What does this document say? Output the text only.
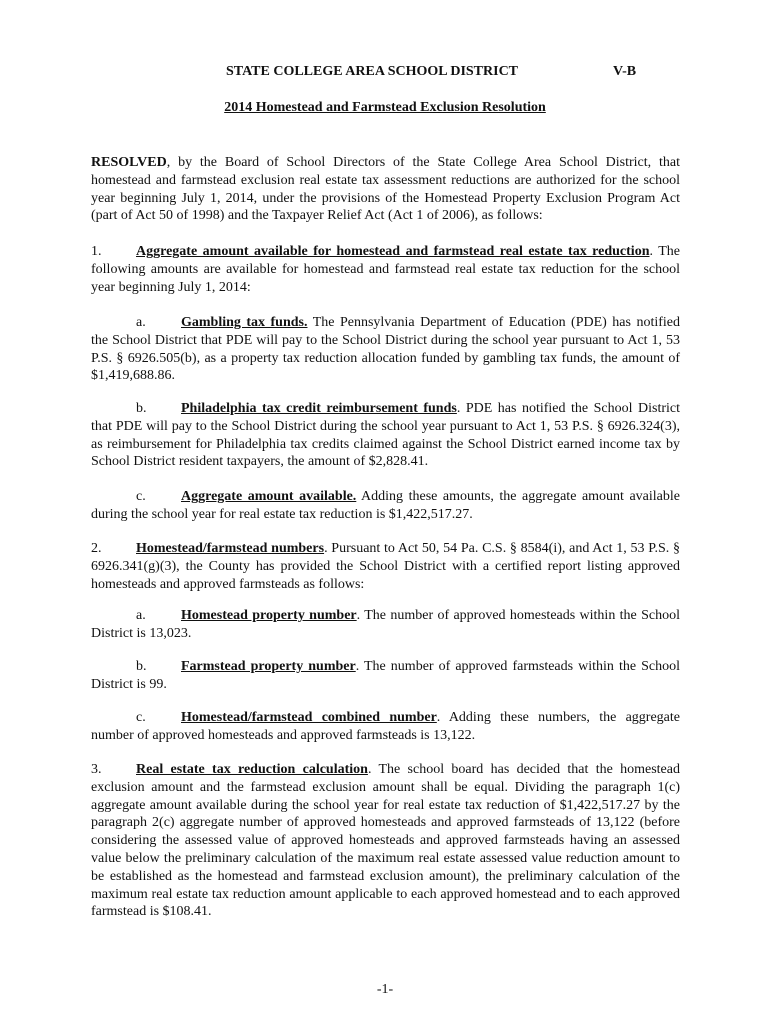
STATE COLLEGE AREA SCHOOL DISTRICT	V-B
2014 Homestead and Farmstead Exclusion Resolution

RESOLVED, by the Board of School Directors of the State College Area School District, that homestead and farmstead exclusion real estate tax assessment reductions are authorized for the school year beginning July 1, 2014, under the provisions of the Homestead Property Exclusion Program Act (part of Act 50 of 1998) and the Taxpayer Relief Act (Act 1 of 2006), as follows:

1. Aggregate amount available for homestead and farmstead real estate tax reduction. The following amounts are available for homestead and farmstead real estate tax reduction for the school year beginning July 1, 2014:

a.	Gambling tax funds. The Pennsylvania Department of Education (PDE) has notified the School District that PDE will pay to the School District during the school year pursuant to Act 1, 53 P.S. § 6926.505(b), as a property tax reduction allocation funded by gambling tax funds, the amount of $1,419,688.86.

b. Philadelphia tax credit reimbursement funds. PDE has notified the School District that PDE will pay to the School District during the school year pursuant to Act 1, 53 P.S. § 6926.324(3), as reimbursement for Philadelphia tax credits claimed against the School District earned income tax by School District resident taxpayers, the amount of $2,828.41.

c.	Aggregate amount available. Adding these amounts, the aggregate amount available during the school year for real estate tax reduction is $1,422,517.27.

2. Homestead/farmstead numbers. Pursuant to Act 50, 54 Pa. C.S. § 8584(i), and Act 1, 53 P.S. § 6926.341(g)(3), the County has provided the School District with a certified report listing approved homesteads and approved farmsteads as follows:

a.	Homestead property number. The number of approved homesteads within the School District is 13,023.

b. Farmstead property number. The number of approved farmsteads within the School District is 99.

c.	Homestead/farmstead combined number. Adding these numbers, the aggregate number of approved homesteads and approved farmsteads is 13,122.

3. Real estate tax reduction calculation. The school board has decided that the homestead exclusion amount and the farmstead exclusion amount shall be equal. Dividing the paragraph 1(c) aggregate amount available during the school year for real estate tax reduction of $1,422,517.27 by the paragraph 2(c) aggregate number of approved homesteads and approved farmsteads of 13,122 (before considering the assessed value of approved homesteads and approved farmsteads having an assessed value below the preliminary calculation of the maximum real estate assessed value reduction amount to be established as the homestead and farmstead exclusion amount), the preliminary calculation of the maximum real estate tax reduction amount applicable to each approved homestead and to each approved farmstead is $108.41.

-1-
